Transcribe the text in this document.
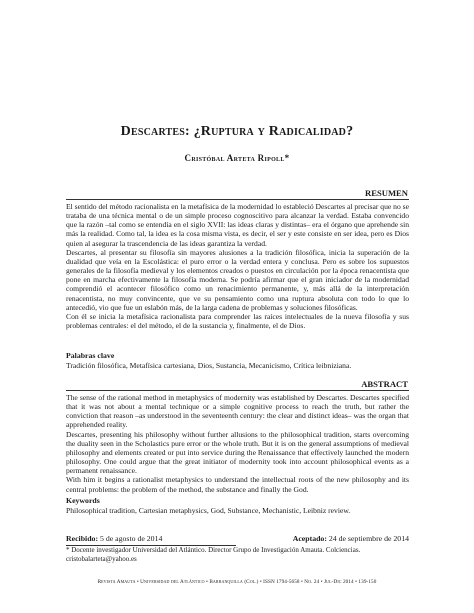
Descartes: ¿Ruptura y Radicalidad?
Cristóbal Arteta Ripoll*
RESUMEN

El sentido del método racionalista en la metafísica de la modernidad lo estableció Descartes al precisar que no se trataba de una técnica mental o de un simple proceso cognoscitivo para alcanzar la verdad. Estaba convencido que la razón –tal como se entendía en el siglo XVII: las ideas claras y distintas– era el órgano que aprehende sin más la realidad. Como tal, la idea es la cosa misma vista, es decir, el ser y este consiste en ser idea, pero es Dios quien al asegurar la trascendencia de las ideas garantiza la verdad.

Descartes, al presentar su filosofía sin mayores alusiones a la tradición filosófica, inicia la superación de la dualidad que veía en la Escolástica: el puro error o la verdad entera y conclusa. Pero es sobre los supuestos generales de la filosofía medieval y los elementos creados o puestos en circulación por la época renacentista que pone en marcha efectivamente la filosofía moderna. Se podría afirmar que el gran iniciador de la modernidad comprendió el acontecer filosófico como un renacimiento permanente, y, más allá de la interpretación renacentista, no muy convincente, que ve su pensamiento como una ruptura absoluta con todo lo que lo antecedió, vio que fue un eslabón más, de la larga cadena de problemas y soluciones filosóficas.

Con él se inicia la metafísica racionalista para comprender las raíces intelectuales de la nueva filosofía y sus problemas centrales: el del método, el de la sustancia y, finalmente, el de Dios.

Palabras clave
Tradición filosófica, Metafísica cartesiana, Dios, Sustancia, Mecanicismo, Crítica leibniziana.
ABSTRACT

The sense of the rational method in metaphysics of modernity was established by Descartes. Descartes specified that it was not about a mental technique or a simple cognitive process to reach the truth, but rather the conviction that reason –as understood in the seventeenth century: the clear and distinct ideas– was the organ that apprehended reality.

Descartes, presenting his philosophy without further allusions to the philosophical tradition, starts overcoming the duality seen in the Scholastics pure error or the whole truth. But it is on the general assumptions of medieval philosophy and elements created or put into service during the Renaissance that effectively launched the modern philosophy. One could argue that the great initiator of modernity took into account philosophical events as a permanent renaissance.

With him it begins a rationalist metaphysics to understand the intellectual roots of the new philosophy and its central problems: the problem of the method, the substance and finally the God.

Keywords
Philosophical tradition, Cartesian metaphysics, God, Substance, Mechanistic, Leibniz review.
Recibido: 5 de agosto de 2014	Aceptado: 24 de septiembre de 2014
* Docente investigador Universidad del Atlántico. Director Grupo de Investigación Amauta. Colciencias.
cristobalarteta@yahoo.es
Revista Amauta • Universidad del Atlántico • Barranquilla (Col.) • ISSN 1794-5658 • No. 24 • Jul-Dic 2014 • 139-150
